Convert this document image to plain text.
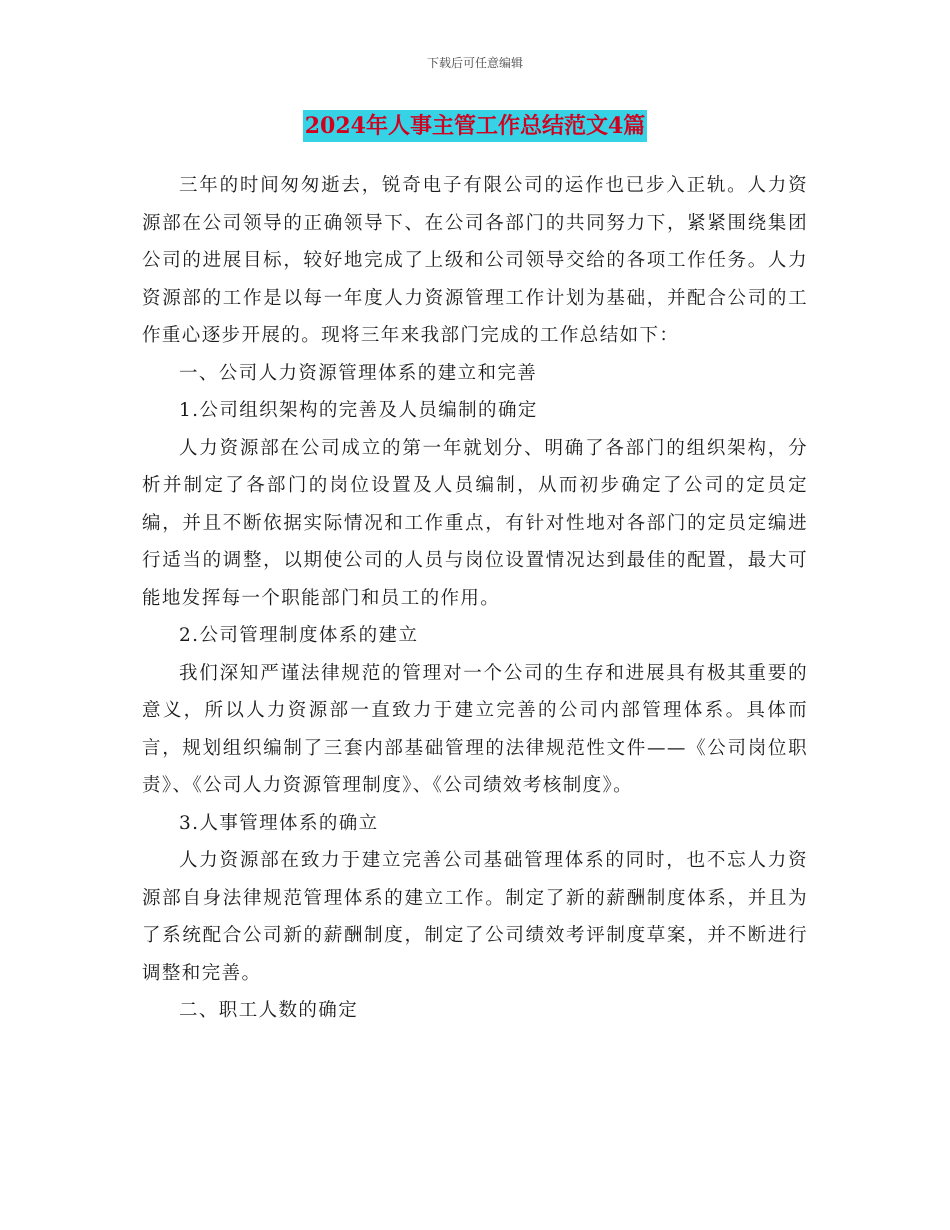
下载后可任意编辑
2024年人事主管工作总结范文4篇

三年的时间匆匆逝去，锐奇电子有限公司的运作也已步入正轨。人力资源部在公司领导的正确领导下、在公司各部门的共同努力下，紧紧围绕集团公司的进展目标，较好地完成了上级和公司领导交给的各项工作任务。人力资源部的工作是以每一年度人力资源管理工作计划为基础，并配合公司的工作重心逐步开展的。现将三年来我部门完成的工作总结如下：

一、公司人力资源管理体系的建立和完善

1.公司组织架构的完善及人员编制的确定

人力资源部在公司成立的第一年就划分、明确了各部门的组织架构，分析并制定了各部门的岗位设置及人员编制，从而初步确定了公司的定员定编，并且不断依据实际情况和工作重点，有针对性地对各部门的定员定编进行适当的调整，以期使公司的人员与岗位设置情况达到最佳的配置，最大可能地发挥每一个职能部门和员工的作用。

2.公司管理制度体系的建立

我们深知严谨法律规范的管理对一个公司的生存和进展具有极其重要的意义，所以人力资源部一直致力于建立完善的公司内部管理体系。具体而言，规划组织编制了三套内部基础管理的法律规范性文件——《公司岗位职责》、《公司人力资源管理制度》、《公司绩效考核制度》。

3.人事管理体系的确立

人力资源部在致力于建立完善公司基础管理体系的同时，也不忘人力资源部自身法律规范管理体系的建立工作。制定了新的薪酬制度体系，并且为了系统配合公司新的薪酬制度，制定了公司绩效考评制度草案，并不断进行调整和完善。

二、职工人数的确定
